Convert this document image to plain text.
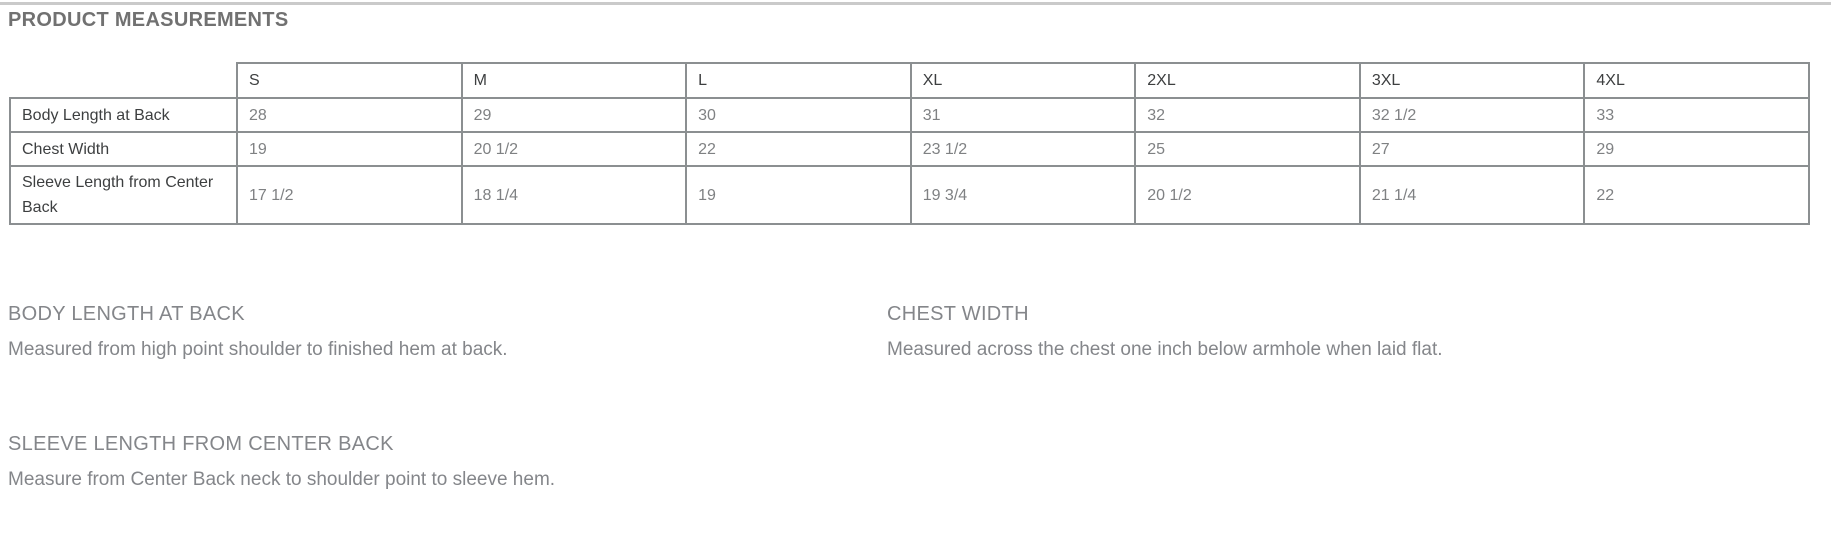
PRODUCT MEASUREMENTS
	S	M	L	XL	2XL	3XL	4XL
Body Length at Back	28	29	30	31	32	32 1/2	33
Chest Width	19	20 1/2	22	23 1/2	25	27	29
Sleeve Length from Center Back	17 1/2	18 1/4	19	19 3/4	20 1/2	21 1/4	22
BODY LENGTH AT BACK

Measured from high point shoulder to finished hem at back.

CHEST WIDTH

Measured across the chest one inch below armhole when laid flat.

SLEEVE LENGTH FROM CENTER BACK

Measure from Center Back neck to shoulder point to sleeve hem.
